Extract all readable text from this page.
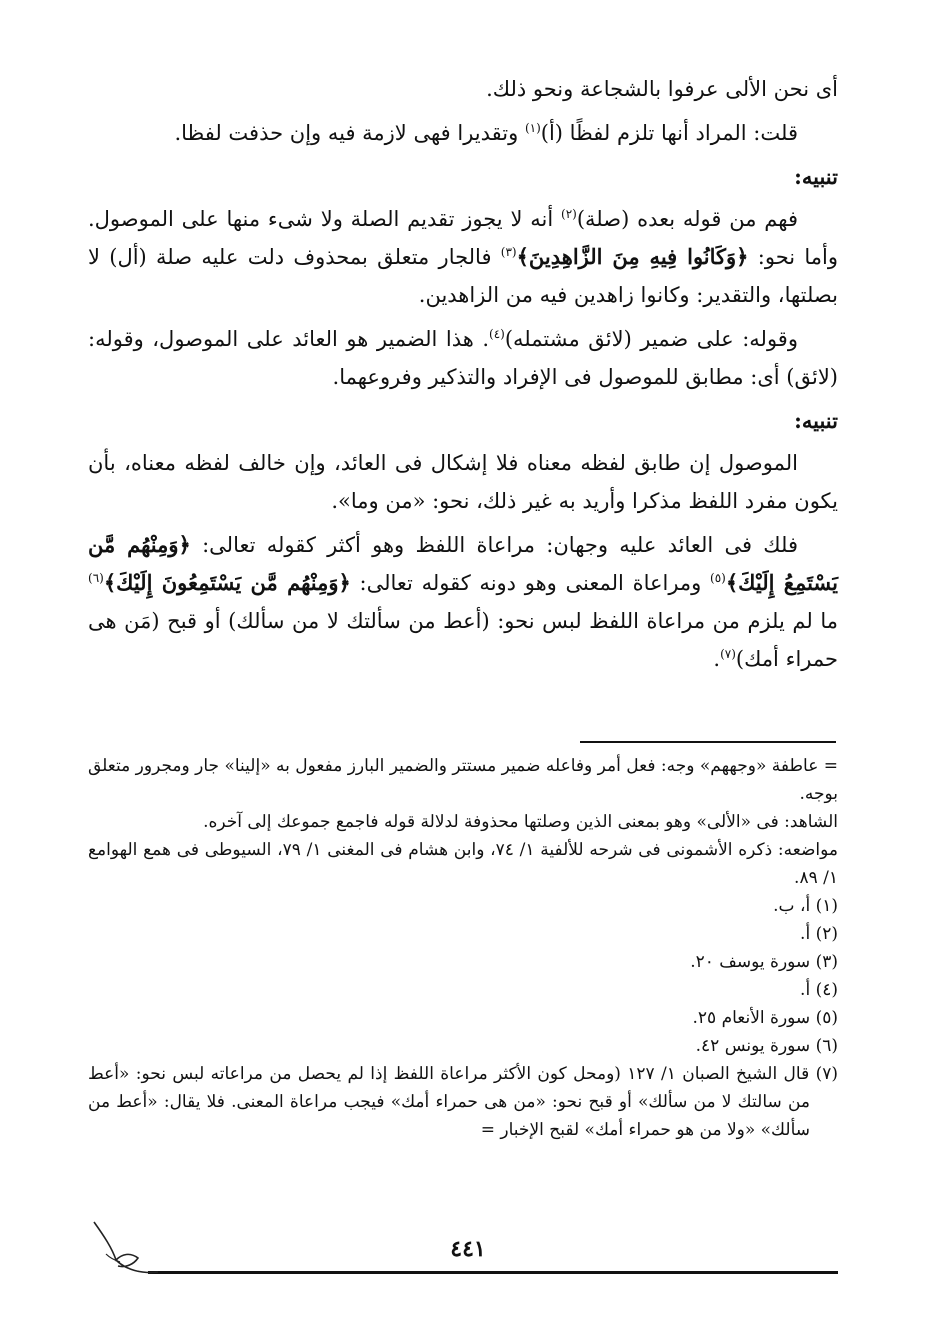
أى نحن الألى عرفوا بالشجاعة ونحو ذلك.

قلت: المراد أنها تلزم لفظًا (أ)$^{(١)}$ وتقديرا فهى لازمة فيه وإن حذفت لفظا.

تنبيه:

فهم من قوله بعده (صلة)$^{(٢)}$ أنه لا يجوز تقديم الصلة ولا شىء منها على الموصول. وأما نحو: ﴿وَكَانُوا فِيهِ مِنَ الزَّاهِدِينَ﴾$^{(٣)}$ فالجار متعلق بمحذوف دلت عليه صلة (أل) لا بصلتها، والتقدير: وكانوا زاهدين فيه من الزاهدين.

وقوله: على ضمير (لائق مشتمله)$^{(٤)}$. هذا الضمير هو العائد على الموصول، وقوله: (لائق) أى: مطابق للموصول فى الإفراد والتذكير وفروعهما.

تنبيه:

الموصول إن طابق لفظه معناه فلا إشكال فى العائد، وإن خالف لفظه معناه، بأن يكون مفرد اللفظ مذكرا وأريد به غير ذلك، نحو: «من وما».

فلك فى العائد عليه وجهان: مراعاة اللفظ وهو أكثر كقوله تعالى: ﴿وَمِنْهُم مَّن يَسْتَمِعُ إِلَيْكَ﴾$^{(٥)}$ ومراعاة المعنى وهو دونه كقوله تعالى: ﴿وَمِنْهُم مَّن يَسْتَمِعُونَ إِلَيْكَ﴾$^{(٦)}$ ما لم يلزم من مراعاة اللفظ لبس نحو: (أعط من سألتك لا من سألك) أو قبح (مَن هى حمراء أمك)$^{(٧)}$.

= عاطفة «وجههم» وجه: فعل أمر وفاعله ضمير مستتر والضمير البارز مفعول به «إلينا» جار ومجرور متعلق بوجه.

الشاهد: فى «الألى» وهو بمعنى الذين وصلتها محذوفة لدلالة قوله فاجمع جموعك إلى آخره.

مواضعه: ذكره الأشمونى فى شرحه للألفية ١/ ٧٤، وابن هشام فى المغنى ١/ ٧٩، السيوطى فى همع الهوامع ١/ ٨٩.

(١) أ، ب.

(٢) أ.

(٣) سورة يوسف ٢٠.

(٤) أ.

(٥) سورة الأنعام ٢٥.

(٦) سورة يونس ٤٢.

(٧) قال الشيخ الصبان ١/ ١٢٧ (ومحل كون الأكثر مراعاة اللفظ إذا لم يحصل من مراعاته لبس نحو: «أعط من سالتك لا من سألك» أو قبح نحو: «من هى حمراء أمك» فيجب مراعاة المعنى. فلا يقال: «أعط من سألك» «ولا من هو حمراء أمك» لقبح الإخبار =

٤٤١
